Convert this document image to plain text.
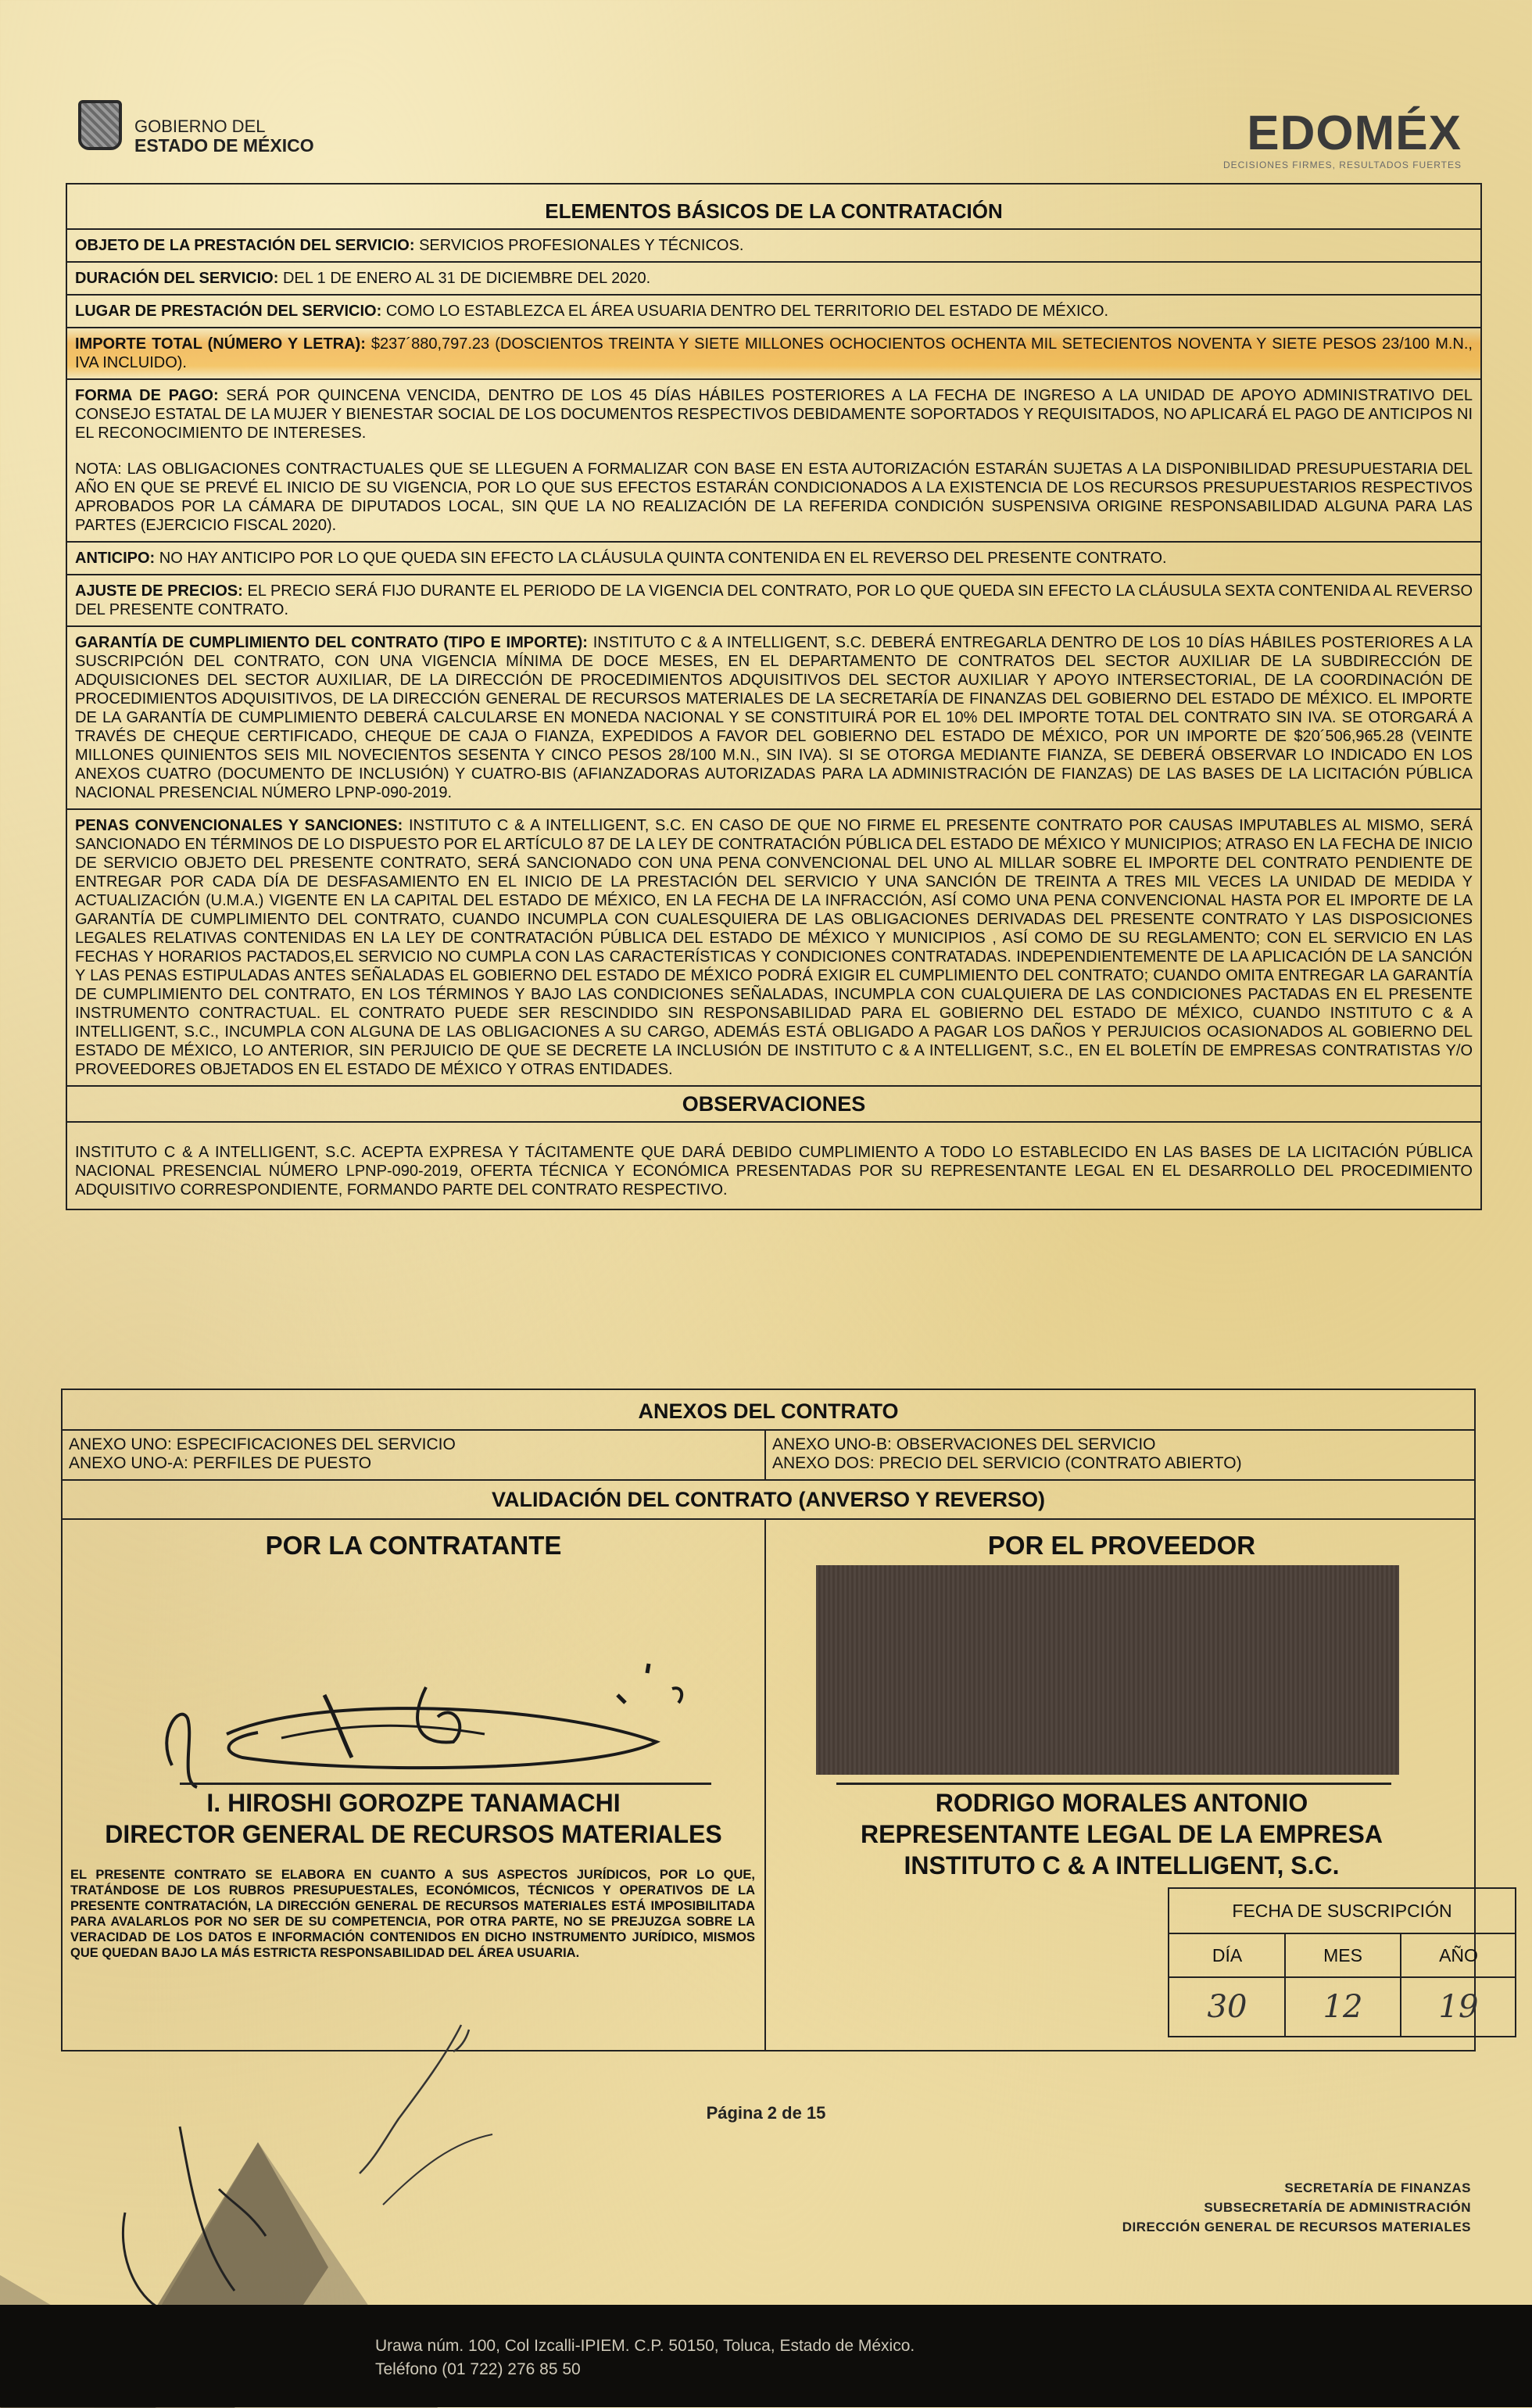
GOBIERNO DEL
ESTADO DE MÉXICO	EDOMÉX
DECISIONES FIRMES, RESULTADOS FUERTES
ELEMENTOS BÁSICOS DE LA CONTRATACIÓN
OBJETO DE LA PRESTACIÓN DEL SERVICIO: SERVICIOS PROFESIONALES Y TÉCNICOS.
DURACIÓN DEL SERVICIO: DEL 1 DE ENERO AL 31 DE DICIEMBRE DEL 2020.
LUGAR DE PRESTACIÓN DEL SERVICIO: COMO LO ESTABLEZCA EL ÁREA USUARIA DENTRO DEL TERRITORIO DEL ESTADO DE MÉXICO.
IMPORTE TOTAL (NÚMERO Y LETRA): $237´880,797.23 (DOSCIENTOS TREINTA Y SIETE MILLONES OCHOCIENTOS OCHENTA MIL SETECIENTOS NOVENTA Y SIETE PESOS 23/100 M.N., IVA INCLUIDO).
FORMA DE PAGO: SERÁ POR QUINCENA VENCIDA, DENTRO DE LOS 45 DÍAS HÁBILES POSTERIORES A LA FECHA DE INGRESO A LA UNIDAD DE APOYO ADMINISTRATIVO DEL CONSEJO ESTATAL DE LA MUJER Y BIENESTAR SOCIAL DE LOS DOCUMENTOS RESPECTIVOS DEBIDAMENTE SOPORTADOS Y REQUISITADOS, NO APLICARÁ EL PAGO DE ANTICIPOS NI EL RECONOCIMIENTO DE INTERESES.
NOTA: LAS OBLIGACIONES CONTRACTUALES QUE SE LLEGUEN A FORMALIZAR CON BASE EN ESTA AUTORIZACIÓN ESTARÁN SUJETAS A LA DISPONIBILIDAD PRESUPUESTARIA DEL AÑO EN QUE SE PREVÉ EL INICIO DE SU VIGENCIA, POR LO QUE SUS EFECTOS ESTARÁN CONDICIONADOS A LA EXISTENCIA DE LOS RECURSOS PRESUPUESTARIOS RESPECTIVOS APROBADOS POR LA CÁMARA DE DIPUTADOS LOCAL, SIN QUE LA NO REALIZACIÓN DE LA REFERIDA CONDICIÓN SUSPENSIVA ORIGINE RESPONSABILIDAD ALGUNA PARA LAS PARTES (EJERCICIO FISCAL 2020).
ANTICIPO: NO HAY ANTICIPO POR LO QUE QUEDA SIN EFECTO LA CLÁUSULA QUINTA CONTENIDA EN EL REVERSO DEL PRESENTE CONTRATO.
AJUSTE DE PRECIOS: EL PRECIO SERÁ FIJO DURANTE EL PERIODO DE LA VIGENCIA DEL CONTRATO, POR LO QUE QUEDA SIN EFECTO LA CLÁUSULA SEXTA CONTENIDA AL REVERSO DEL PRESENTE CONTRATO.
GARANTÍA DE CUMPLIMIENTO DEL CONTRATO (TIPO E IMPORTE): INSTITUTO C & A INTELLIGENT, S.C. DEBERÁ ENTREGARLA DENTRO DE LOS 10 DÍAS HÁBILES POSTERIORES A LA SUSCRIPCIÓN DEL CONTRATO, CON UNA VIGENCIA MÍNIMA DE DOCE MESES, EN EL DEPARTAMENTO DE CONTRATOS DEL SECTOR AUXILIAR DE LA SUBDIRECCIÓN DE ADQUISICIONES DEL SECTOR AUXILIAR, DE LA DIRECCIÓN DE PROCEDIMIENTOS ADQUISITIVOS DEL SECTOR AUXILIAR Y APOYO INTERSECTORIAL, DE LA COORDINACIÓN DE PROCEDIMIENTOS ADQUISITIVOS, DE LA DIRECCIÓN GENERAL DE RECURSOS MATERIALES DE LA SECRETARÍA DE FINANZAS DEL GOBIERNO DEL ESTADO DE MÉXICO. EL IMPORTE DE LA GARANTÍA DE CUMPLIMIENTO DEBERÁ CALCULARSE EN MONEDA NACIONAL Y SE CONSTITUIRÁ POR EL 10% DEL IMPORTE TOTAL DEL CONTRATO SIN IVA. SE OTORGARÁ A TRAVÉS DE CHEQUE CERTIFICADO, CHEQUE DE CAJA O FIANZA, EXPEDIDOS A FAVOR DEL GOBIERNO DEL ESTADO DE MÉXICO, POR UN IMPORTE DE $20´506,965.28 (VEINTE MILLONES QUINIENTOS SEIS MIL NOVECIENTOS SESENTA Y CINCO PESOS 28/100 M.N., SIN IVA). SI SE OTORGA MEDIANTE FIANZA, SE DEBERÁ OBSERVAR LO INDICADO EN LOS ANEXOS CUATRO (DOCUMENTO DE INCLUSIÓN) Y CUATRO-BIS (AFIANZADORAS AUTORIZADAS PARA LA ADMINISTRACIÓN DE FIANZAS) DE LAS BASES DE LA LICITACIÓN PÚBLICA NACIONAL PRESENCIAL NÚMERO LPNP-090-2019.
PENAS CONVENCIONALES Y SANCIONES: INSTITUTO C & A INTELLIGENT, S.C. EN CASO DE QUE NO FIRME EL PRESENTE CONTRATO POR CAUSAS IMPUTABLES AL MISMO, SERÁ SANCIONADO EN TÉRMINOS DE LO DISPUESTO POR EL ARTÍCULO 87 DE LA LEY DE CONTRATACIÓN PÚBLICA DEL ESTADO DE MÉXICO Y MUNICIPIOS; ATRASO EN LA FECHA DE INICIO DE SERVICIO OBJETO DEL PRESENTE CONTRATO, SERÁ SANCIONADO CON UNA PENA CONVENCIONAL DEL UNO AL MILLAR SOBRE EL IMPORTE DEL CONTRATO PENDIENTE DE ENTREGAR POR CADA DÍA DE DESFASAMIENTO EN EL INICIO DE LA PRESTACIÓN DEL SERVICIO Y UNA SANCIÓN DE TREINTA A TRES MIL VECES LA UNIDAD DE MEDIDA Y ACTUALIZACIÓN (U.M.A.) VIGENTE EN LA CAPITAL DEL ESTADO DE MÉXICO, EN LA FECHA DE LA INFRACCIÓN, ASÍ COMO UNA PENA CONVENCIONAL HASTA POR EL IMPORTE DE LA GARANTÍA DE CUMPLIMIENTO DEL CONTRATO, CUANDO INCUMPLA CON CUALESQUIERA DE LAS OBLIGACIONES DERIVADAS DEL PRESENTE CONTRATO Y LAS DISPOSICIONES LEGALES RELATIVAS CONTENIDAS EN LA LEY DE CONTRATACIÓN PÚBLICA DEL ESTADO DE MÉXICO Y MUNICIPIOS , ASÍ COMO DE SU REGLAMENTO; CON EL SERVICIO EN LAS FECHAS Y HORARIOS PACTADOS,EL SERVICIO NO CUMPLA CON LAS CARACTERÍSTICAS Y CONDICIONES CONTRATADAS. INDEPENDIENTEMENTE DE LA APLICACIÓN DE LA SANCIÓN Y LAS PENAS ESTIPULADAS ANTES SEÑALADAS EL GOBIERNO DEL ESTADO DE MÉXICO PODRÁ EXIGIR EL CUMPLIMIENTO DEL CONTRATO; CUANDO OMITA ENTREGAR LA GARANTÍA DE CUMPLIMIENTO DEL CONTRATO, EN LOS TÉRMINOS Y BAJO LAS CONDICIONES SEÑALADAS, INCUMPLA CON CUALQUIERA DE LAS CONDICIONES PACTADAS EN EL PRESENTE INSTRUMENTO CONTRACTUAL. EL CONTRATO PUEDE SER RESCINDIDO SIN RESPONSABILIDAD PARA EL GOBIERNO DEL ESTADO DE MÉXICO, CUANDO INSTITUTO C & A INTELLIGENT, S.C., INCUMPLA CON ALGUNA DE LAS OBLIGACIONES A SU CARGO, ADEMÁS ESTÁ OBLIGADO A PAGAR LOS DAÑOS Y PERJUICIOS OCASIONADOS AL GOBIERNO DEL ESTADO DE MÉXICO, LO ANTERIOR, SIN PERJUICIO DE QUE SE DECRETE LA INCLUSIÓN DE INSTITUTO C & A INTELLIGENT, S.C., EN EL BOLETÍN DE EMPRESAS CONTRATISTAS Y/O PROVEEDORES OBJETADOS EN EL ESTADO DE MÉXICO Y OTRAS ENTIDADES.
OBSERVACIONES
INSTITUTO C & A INTELLIGENT, S.C. ACEPTA EXPRESA Y TÁCITAMENTE QUE DARÁ DEBIDO CUMPLIMIENTO A TODO LO ESTABLECIDO EN LAS BASES DE LA LICITACIÓN PÚBLICA NACIONAL PRESENCIAL NÚMERO LPNP-090-2019, OFERTA TÉCNICA Y ECONÓMICA PRESENTADAS POR SU REPRESENTANTE LEGAL EN EL DESARROLLO DEL PROCEDIMIENTO ADQUISITIVO CORRESPONDIENTE, FORMANDO PARTE DEL CONTRATO RESPECTIVO.
ANEXOS DEL CONTRATO
ANEXO UNO: ESPECIFICACIONES DEL SERVICIO
ANEXO UNO-A: PERFILES DE PUESTO
ANEXO UNO-B: OBSERVACIONES DEL SERVICIO
ANEXO DOS: PRECIO DEL SERVICIO (CONTRATO ABIERTO)
VALIDACIÓN DEL CONTRATO (ANVERSO Y REVERSO)
POR LA CONTRATANTE	POR EL PROVEEDOR
I. HIROSHI GOROZPE TANAMACHI
DIRECTOR GENERAL DE RECURSOS MATERIALES
RODRIGO MORALES ANTONIO
REPRESENTANTE LEGAL DE LA EMPRESA
INSTITUTO C & A INTELLIGENT, S.C.
EL PRESENTE CONTRATO SE ELABORA EN CUANTO A SUS ASPECTOS JURÍDICOS, POR LO QUE, TRATÁNDOSE DE LOS RUBROS PRESUPUESTALES, ECONÓMICOS, TÉCNICOS Y OPERATIVOS DE LA PRESENTE CONTRATACIÓN, LA DIRECCIÓN GENERAL DE RECURSOS MATERIALES ESTÁ IMPOSIBILITADA PARA AVALARLOS POR NO SER DE SU COMPETENCIA, POR OTRA PARTE, NO SE PREJUZGA SOBRE LA VERACIDAD DE LOS DATOS E INFORMACIÓN CONTENIDOS EN DICHO INSTRUMENTO JURÍDICO, MISMOS QUE QUEDAN BAJO LA MÁS ESTRICTA RESPONSABILIDAD DEL ÁREA USUARIA.
FECHA DE SUSCRIPCIÓN
DÍA	MES	AÑO
30	12	19
Página 2 de 15
SECRETARÍA DE FINANZAS
SUBSECRETARÍA DE ADMINISTRACIÓN
DIRECCIÓN GENERAL DE RECURSOS MATERIALES
Urawa núm. 100, Col Izcalli-IPIEM. C.P. 50150, Toluca, Estado de México.
Teléfono (01 722) 276 85 50
